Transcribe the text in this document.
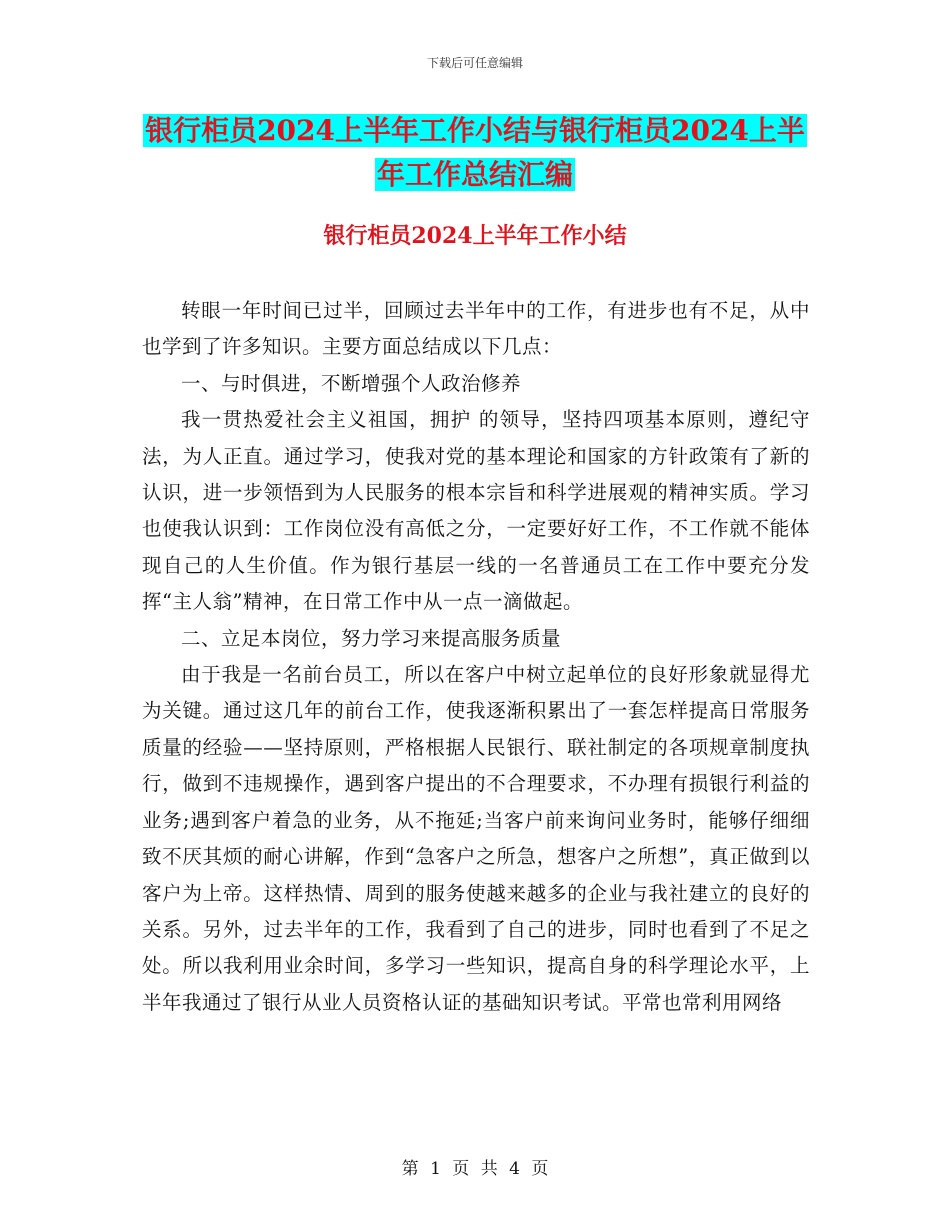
下载后可任意编辑
银行柜员2024上半年工作小结与银行柜员2024上半
年工作总结汇编
银行柜员2024上半年工作小结

转眼一年时间已过半，回顾过去半年中的工作，有进步也有不足，从中也学到了许多知识。主要方面总结成以下几点：

一、与时俱进，不断增强个人政治修养

我一贯热爱社会主义祖国，拥护 的领导，坚持四项基本原则，遵纪守法，为人正直。通过学习，使我对党的基本理论和国家的方针政策有了新的认识，进一步领悟到为人民服务的根本宗旨和科学进展观的精神实质。学习也使我认识到：工作岗位没有高低之分，一定要好好工作，不工作就不能体现自己的人生价值。作为银行基层一线的一名普通员工在工作中要充分发挥“主人翁”精神，在日常工作中从一点一滴做起。

二、立足本岗位，努力学习来提高服务质量

由于我是一名前台员工，所以在客户中树立起单位的良好形象就显得尤为关键。通过这几年的前台工作，使我逐渐积累出了一套怎样提高日常服务质量的经验——坚持原则，严格根据人民银行、联社制定的各项规章制度执行，做到不违规操作，遇到客户提出的不合理要求，不办理有损银行利益的业务;遇到客户着急的业务，从不拖延;当客户前来询问业务时，能够仔细细致不厌其烦的耐心讲解，作到“急客户之所急，想客户之所想”，真正做到以客户为上帝。这样热情、周到的服务使越来越多的企业与我社建立的良好的关系。另外，过去半年的工作，我看到了自己的进步，同时也看到了不足之处。所以我利用业余时间，多学习一些知识，提高自身的科学理论水平，上半年我通过了银行从业人员资格认证的基础知识考试。平常也常利用网络

第 1 页 共 4 页
